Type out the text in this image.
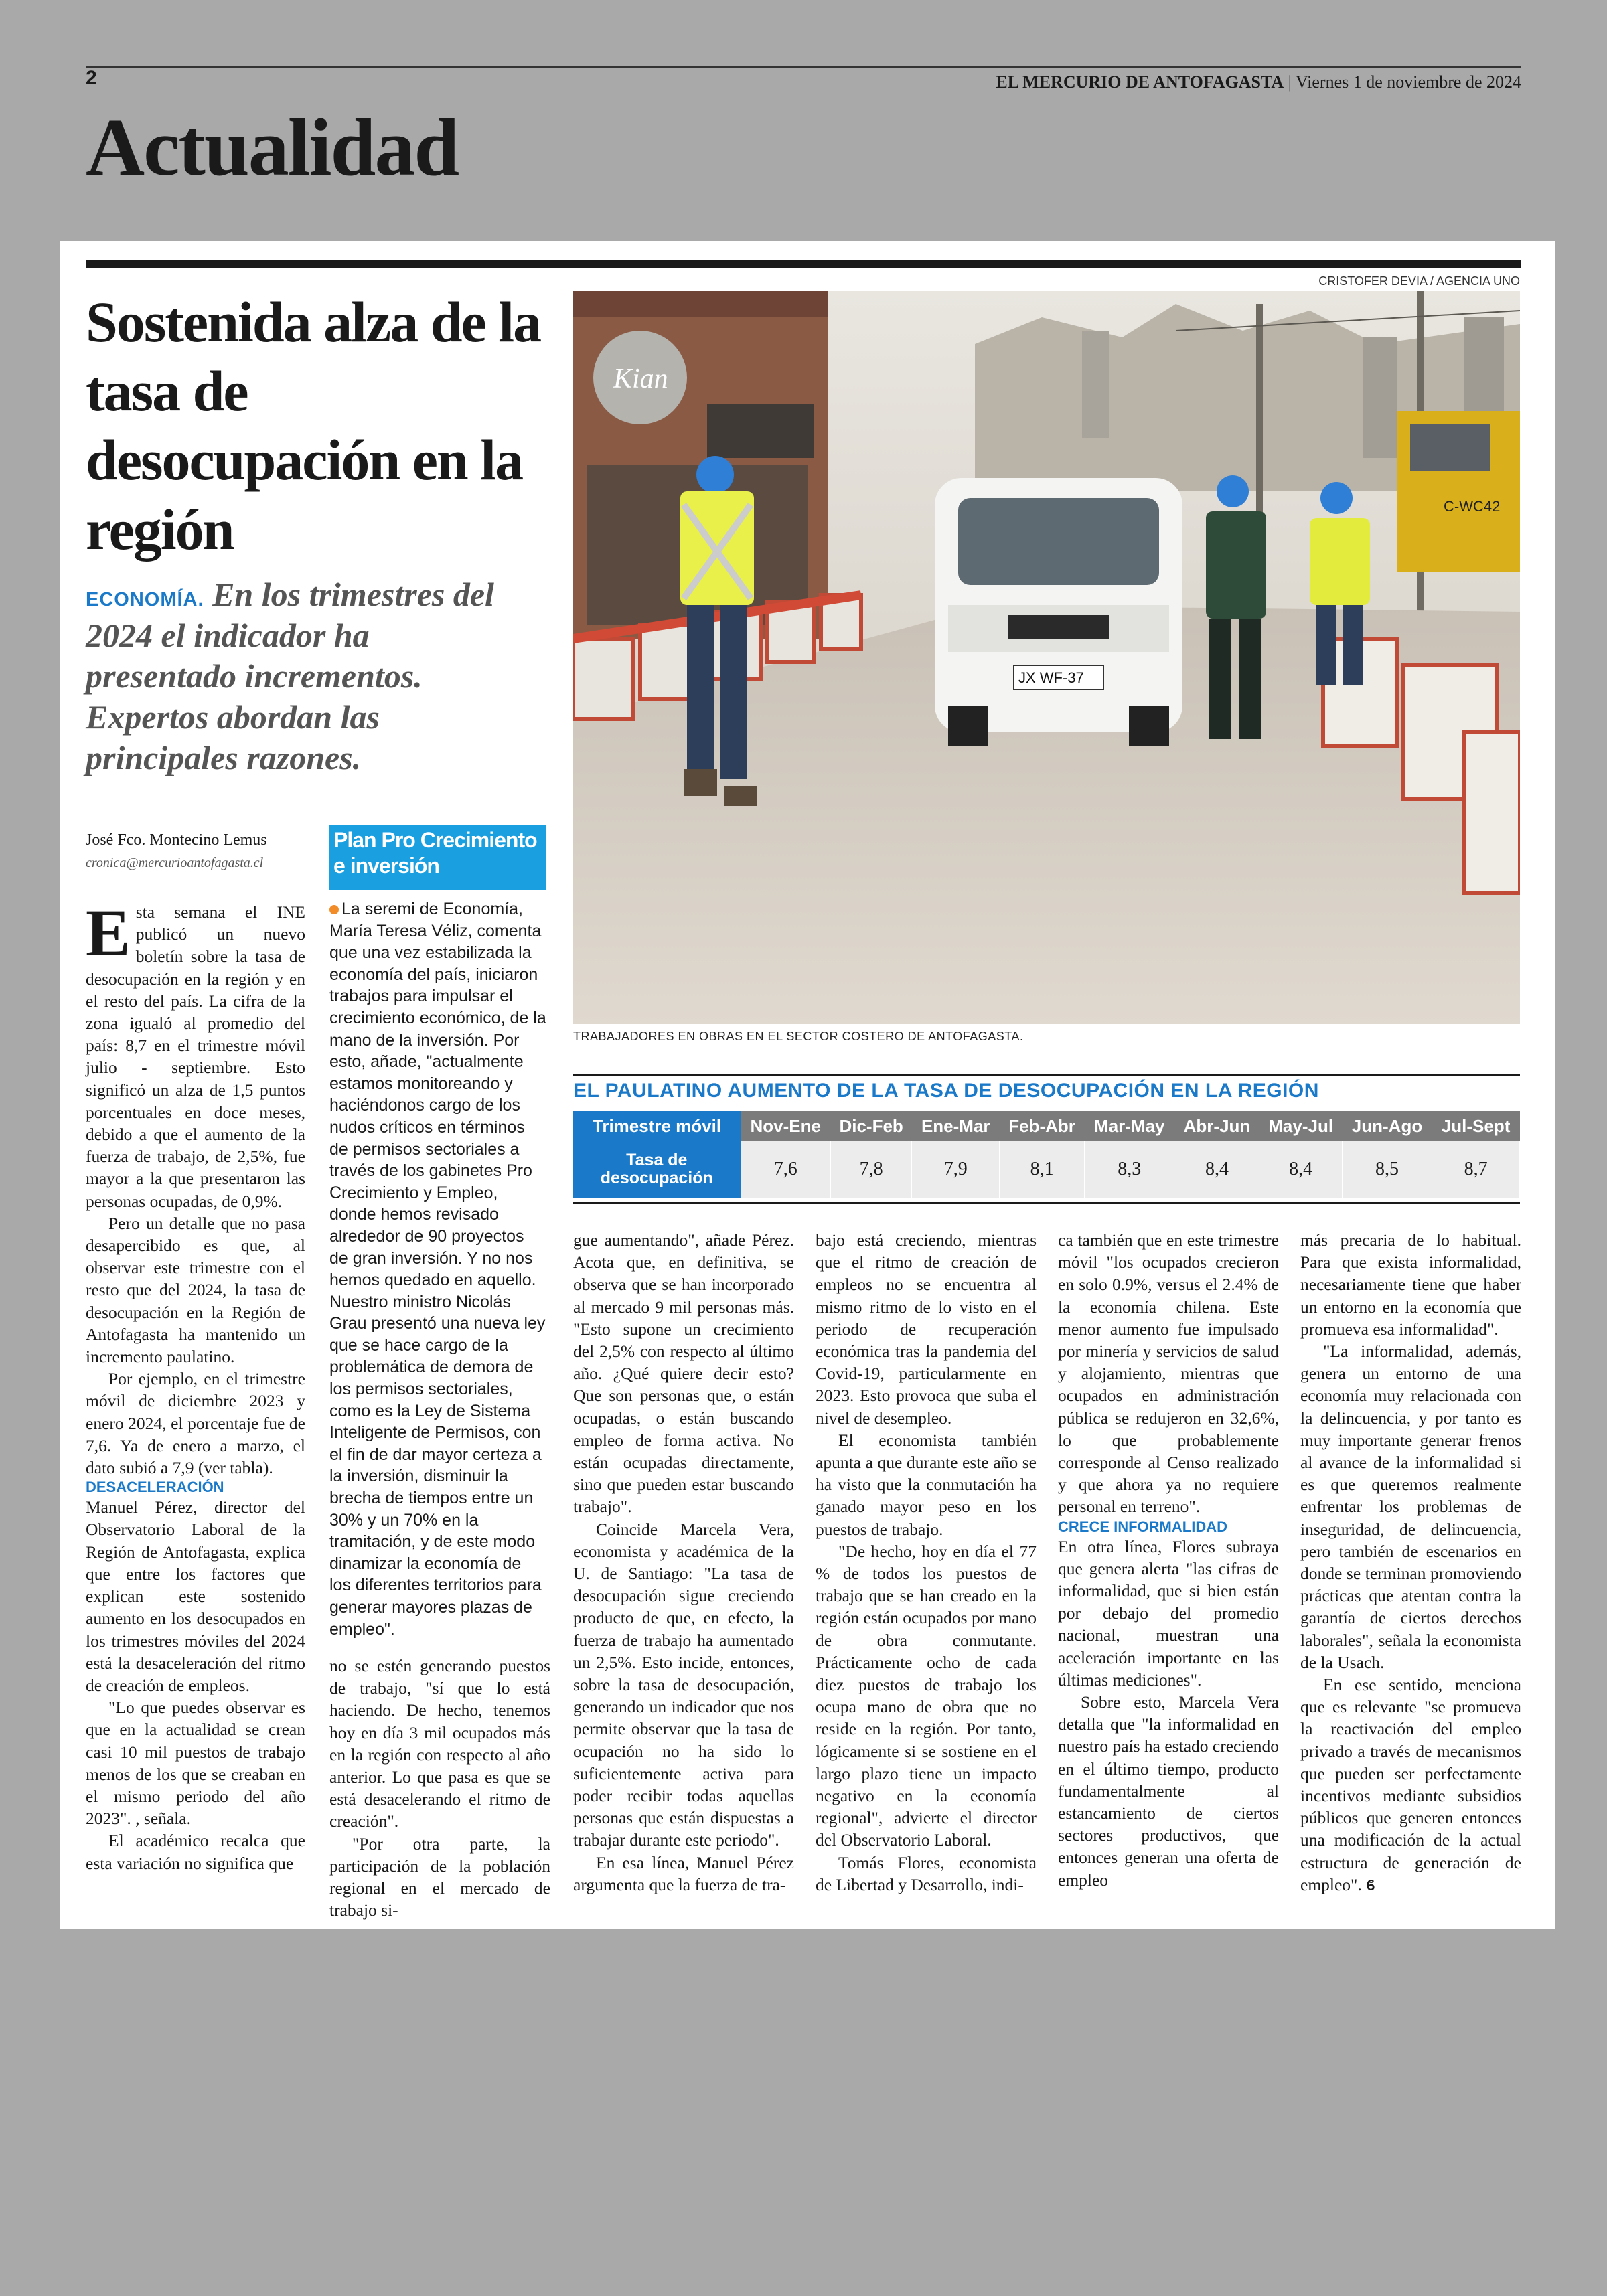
2	EL MERCURIO DE ANTOFAGASTA | Viernes 1 de noviembre de 2024
Actualidad
CRISTOFER DEVIA / AGENCIA UNO
Sostenida alza de la tasa de desocupación en la región
ECONOMÍA. En los trimestres del 2024 el indicador ha presentado incrementos. Expertos abordan las principales razones.
Kian
C-WC42
JX WF-37
TRABAJADORES EN OBRAS EN EL SECTOR COSTERO DE ANTOFAGASTA.
EL PAULATINO AUMENTO DE LA TASA DE DESOCUPACIÓN EN LA REGIÓN
Trimestre móvil	Nov-Ene	Dic-Feb	Ene-Mar	Feb-Abr	Mar-May	Abr-Jun	May-Jul	Jun-Ago	Jul-Sept
Tasa de desocupación	7,6	7,8	7,9	8,1	8,3	8,4	8,4	8,5	8,7
José Fco. Montecino Lemus
cronica@mercurioantofagasta.cl
Plan Pro Crecimiento e inversión
La seremi de Economía, María Teresa Véliz, comenta que una vez estabilizada la economía del país, iniciaron trabajos para impulsar el crecimiento económico, de la mano de la inversión. Por esto, añade, "actualmente estamos monitoreando y haciéndonos cargo de los nudos críticos en términos de permisos sectoriales a través de los gabinetes Pro Crecimiento y Empleo, donde hemos revisado alrededor de 90 proyectos de gran inversión. Y no nos hemos quedado en aquello. Nuestro ministro Nicolás Grau presentó una nueva ley que se hace cargo de la problemática de demora de los permisos sectoriales, como es la Ley de Sistema Inteligente de Permisos, con el fin de dar mayor certeza a la inversión, disminuir la brecha de tiempos entre un 30% y un 70% en la tramitación, y de este modo dinamizar la economía de los diferentes territorios para generar mayores plazas de empleo".

Esta semana el INE publicó un nuevo boletín sobre la tasa de desocupación en la región y en el resto del país. La cifra de la zona igualó al promedio del país: 8,7 en el trimestre móvil julio - septiembre. Esto significó un alza de 1,5 puntos porcentuales en doce meses, debido a que el aumento de la fuerza de trabajo, de 2,5%, fue mayor a la que presentaron las personas ocupadas, de 0,9%.

Pero un detalle que no pasa desapercibido es que, al observar este trimestre con el resto que del 2024, la tasa de desocupación en la Región de Antofagasta ha mantenido un incremento paulatino.

Por ejemplo, en el trimestre móvil de diciembre 2023 y enero 2024, el porcentaje fue de 7,6. Ya de enero a marzo, el dato subió a 7,9 (ver tabla).

DESACELERACIÓN

Manuel Pérez, director del Observatorio Laboral de la Región de Antofagasta, explica que entre los factores que explican este sostenido aumento en los desocupados en los trimestres móviles del 2024 está la desaceleración del ritmo de creación de empleos.

"Lo que puedes observar es que en la actualidad se crean casi 10 mil puestos de trabajo menos de los que se creaban en el mismo periodo del año 2023". , señala.

El académico recalca que esta variación no significa que

no se estén generando puestos de trabajo, "sí que lo está haciendo. De hecho, tenemos hoy en día 3 mil ocupados más en la región con respecto al año anterior. Lo que pasa es que se está desacelerando el ritmo de creación".

"Por otra parte, la participación de la población regional en el mercado de trabajo si-

gue aumentando", añade Pérez. Acota que, en definitiva, se observa que se han incorporado al mercado 9 mil personas más. "Esto supone un crecimiento del 2,5% con respecto al último año. ¿Qué quiere decir esto? Que son personas que, o están ocupadas, o están buscando empleo de forma activa. No están ocupadas directamente, sino que pueden estar buscando trabajo".

Coincide Marcela Vera, economista y académica de la U. de Santiago: "La tasa de desocupación sigue creciendo producto de que, en efecto, la fuerza de trabajo ha aumentado un 2,5%. Esto incide, entonces, sobre la tasa de desocupación, generando un indicador que nos permite observar que la tasa de ocupación no ha sido lo suficientemente activa para poder recibir todas aquellas personas que están dispuestas a trabajar durante este periodo".

En esa línea, Manuel Pérez argumenta que la fuerza de tra-

bajo está creciendo, mientras que el ritmo de creación de empleos no se encuentra al mismo ritmo de lo visto en el periodo de recuperación económica tras la pandemia del Covid-19, particularmente en 2023. Esto provoca que suba el nivel de desempleo.

El economista también apunta a que durante este año se ha visto que la conmutación ha ganado mayor peso en los puestos de trabajo.

"De hecho, hoy en día el 77 % de todos los puestos de trabajo que se han creado en la región están ocupados por mano de obra conmutante. Prácticamente ocho de cada diez puestos de trabajo los ocupa mano de obra que no reside en la región. Por tanto, lógicamente si se sostiene en el largo plazo tiene un impacto negativo en la economía regional", advierte el director del Observatorio Laboral.

Tomás Flores, economista de Libertad y Desarrollo, indi-

ca también que en este trimestre móvil "los ocupados crecieron en solo 0.9%, versus el 2.4% de la economía chilena. Este menor aumento fue impulsado por minería y servicios de salud y alojamiento, mientras que ocupados en administración pública se redujeron en 32,6%, lo que probablemente corresponde al Censo realizado y que ahora ya no requiere personal en terreno".

CRECE INFORMALIDAD

En otra línea, Flores subraya que genera alerta "las cifras de informalidad, que si bien están por debajo del promedio nacional, muestran una aceleración importante en las últimas mediciones".

Sobre esto, Marcela Vera detalla que "la informalidad en nuestro país ha estado creciendo en el último tiempo, producto fundamentalmente al estancamiento de ciertos sectores productivos, que entonces generan una oferta de empleo

más precaria de lo habitual. Para que exista informalidad, necesariamente tiene que haber un entorno en la economía que promueva esa informalidad".

"La informalidad, además, genera un entorno de una economía muy relacionada con la delincuencia, y por tanto es muy importante generar frenos al avance de la informalidad si es que queremos realmente enfrentar los problemas de inseguridad, de delincuencia, pero también de escenarios en donde se terminan promoviendo prácticas que atentan contra la garantía de ciertos derechos laborales", señala la economista de la Usach.

En ese sentido, menciona que es relevante "se promueva la reactivación del empleo privado a través de mecanismos que pueden ser perfectamente incentivos mediante subsidios públicos que generen entonces una modificación de la actual estructura de generación de empleo". ϐ
